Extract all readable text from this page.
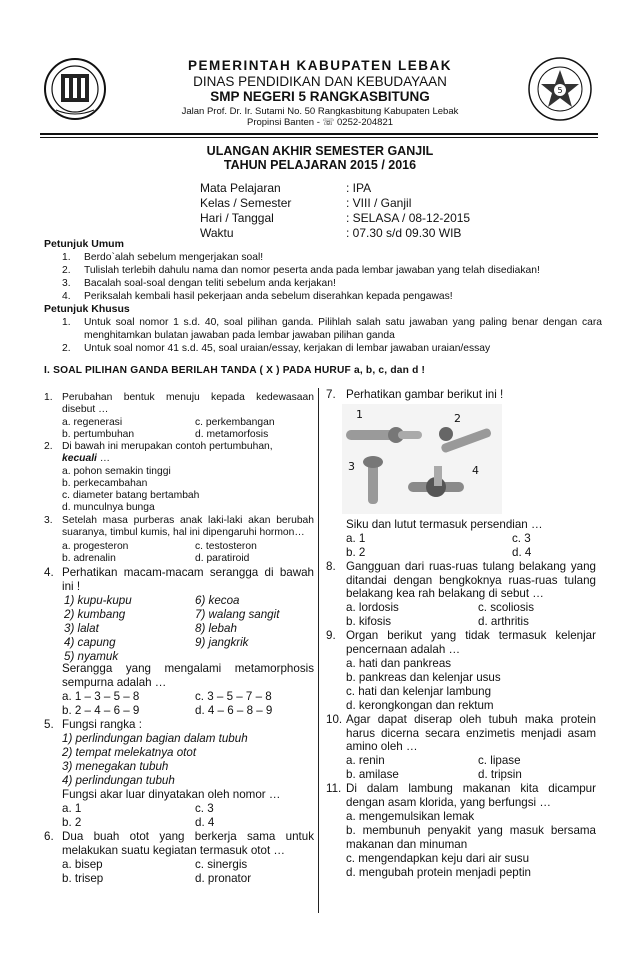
5
PEMERINTAH KABUPATEN LEBAK
DINAS PENDIDIKAN DAN KEBUDAYAAN
SMP NEGERI 5 RANGKASBITUNG
Jalan Prof. Dr. Ir. Sutami No. 50 Rangkasbitung Kabupaten Lebak
Propinsi Banten - ☏ 0252-204821
ULANGAN AKHIR SEMESTER GANJIL
TAHUN PELAJARAN 2015 / 2016
Mata Pelajaran	: IPA
Kelas / Semester	: VIII / Ganjil
Hari / Tanggal	: SELASA / 08-12-2015
Waktu	: 07.30 s/d 09.30 WIB
Petunjuk Umum
1.	Berdo`alah sebelum mengerjakan soal!
2.	Tulislah terlebih dahulu nama dan nomor peserta anda pada lembar jawaban yang telah disediakan!
3.	Bacalah soal-soal dengan teliti sebelum anda kerjakan!
4.	Periksalah kembali hasil pekerjaan anda sebelum diserahkan kepada pengawas!
Petunjuk Khusus
1.	Untuk soal nomor 1 s.d. 40, soal pilihan ganda. Pilihlah salah satu jawaban yang paling benar dengan cara menghitamkan bulatan jawaban pada lembar jawaban pilihan ganda
2.	Untuk soal nomor 41 s.d. 45, soal uraian/essay, kerjakan di lembar jawaban uraian/essay
I. SOAL PILIHAN GANDA BERILAH TANDA ( X ) PADA HURUF a, b, c, dan d !
1. Perubahan bentuk menuju kepada kedewasaan disebut …
a. regenerasi	c. perkembangan
b. pertumbuhan	d. metamorfosis
2. Di bawah ini merupakan contoh pertumbuhan,
kecuali …
a. pohon semakin tinggi
b. perkecambahan
c. diameter batang bertambah
d. munculnya bunga
3. Setelah masa purberas anak laki-laki akan berubah suaranya, timbul kumis, hal ini dipengaruhi hormon…
a. progesteron	c. testosteron
b. adrenalin	d. paratiroid
4. Perhatikan macam-macam serangga di bawah ini !
1) kupu-kupu
2) kumbang
3) lalat
4) capung
5) nyamuk
6) kecoa
7) walang sangit
8) lebah
9) jangkrik
Serangga yang mengalami metamorphosis sempurna adalah …
a. 1 – 3 – 5 – 8	c. 3 – 5 – 7 – 8
b. 2 – 4 – 6 – 9	d. 4 – 6 – 8 – 9
5. Fungsi rangka :
1) perlindungan bagian dalam tubuh
2) tempat melekatnya otot
3) menegakan tubuh
4) perlindungan tubuh
Fungsi akar luar dinyatakan oleh nomor …
a. 1	c. 3
b. 2	d. 4
6. Dua buah otot yang berkerja sama untuk melakukan suatu kegiatan termasuk otot …
a. bisep	c. sinergis
b. trisep	d. pronator
7. Perhatikan gambar berikut ini !
1	2
3	4
Siku dan lutut termasuk persendian …
a. 1	c. 3
b. 2	d. 4
8. Gangguan dari ruas-ruas tulang belakang yang ditandai dengan bengkoknya ruas-ruas tulang belakang kea rah belakang di sebut …
a. lordosis	c. scoliosis
b. kifosis	d. arthritis
9. Organ berikut yang tidak termasuk kelenjar pencernaan adalah …
a. hati dan pankreas
b. pankreas dan kelenjar usus
c. hati dan kelenjar lambung
d. kerongkongan dan rektum
10. Agar dapat diserap oleh tubuh maka protein harus dicerna secara enzimetis menjadi asam amino oleh …
a. renin	c. lipase
b. amilase	d. tripsin
11. Di dalam lambung makanan kita dicampur dengan asam klorida, yang berfungsi …
a. mengemulsikan lemak
b. membunuh penyakit yang masuk bersama makanan dan minuman
c. mengendapkan keju dari air susu
d. mengubah protein menjadi peptin
